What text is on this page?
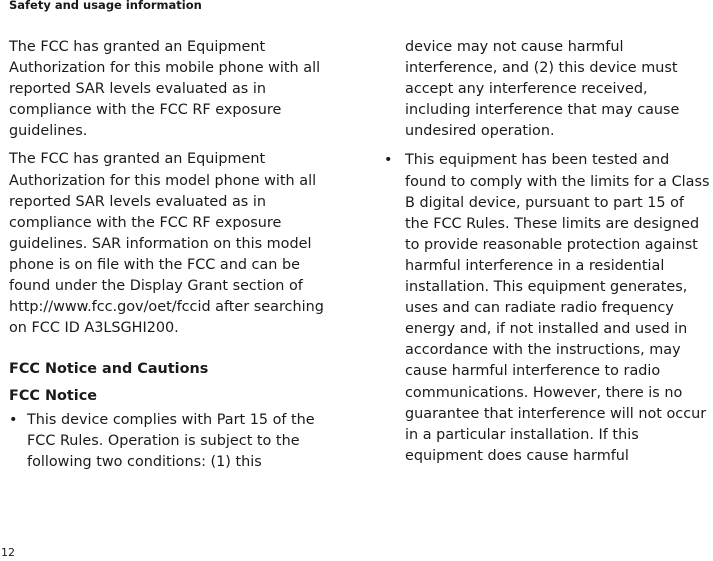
Safety and usage information

The FCC has granted an Equipment Authorization for this mobile phone with all reported SAR levels evaluated as in compliance with the FCC RF exposure guidelines.

The FCC has granted an Equipment Authorization for this model phone with all reported SAR levels evaluated as in compliance with the FCC RF exposure guidelines. SAR information on this model phone is on file with the FCC and can be found under the Display Grant section of http://www.fcc.gov/oet/fccid after searching on FCC ID A3LSGHI200.

FCC Notice and Cautions

FCC Notice

• This device complies with Part 15 of the FCC Rules. Operation is subject to the following two conditions: (1) this

device may not cause harmful interference, and (2) this device must accept any interference received, including interference that may cause undesired operation.

• This equipment has been tested and found to comply with the limits for a Class B digital device, pursuant to part 15 of the FCC Rules. These limits are designed to provide reasonable protection against harmful interference in a residential installation. This equipment generates, uses and can radiate radio frequency energy and, if not installed and used in accordance with the instructions, may cause harmful interference to radio communications. However, there is no guarantee that interference will not occur in a particular installation. If this equipment does cause harmful

12
